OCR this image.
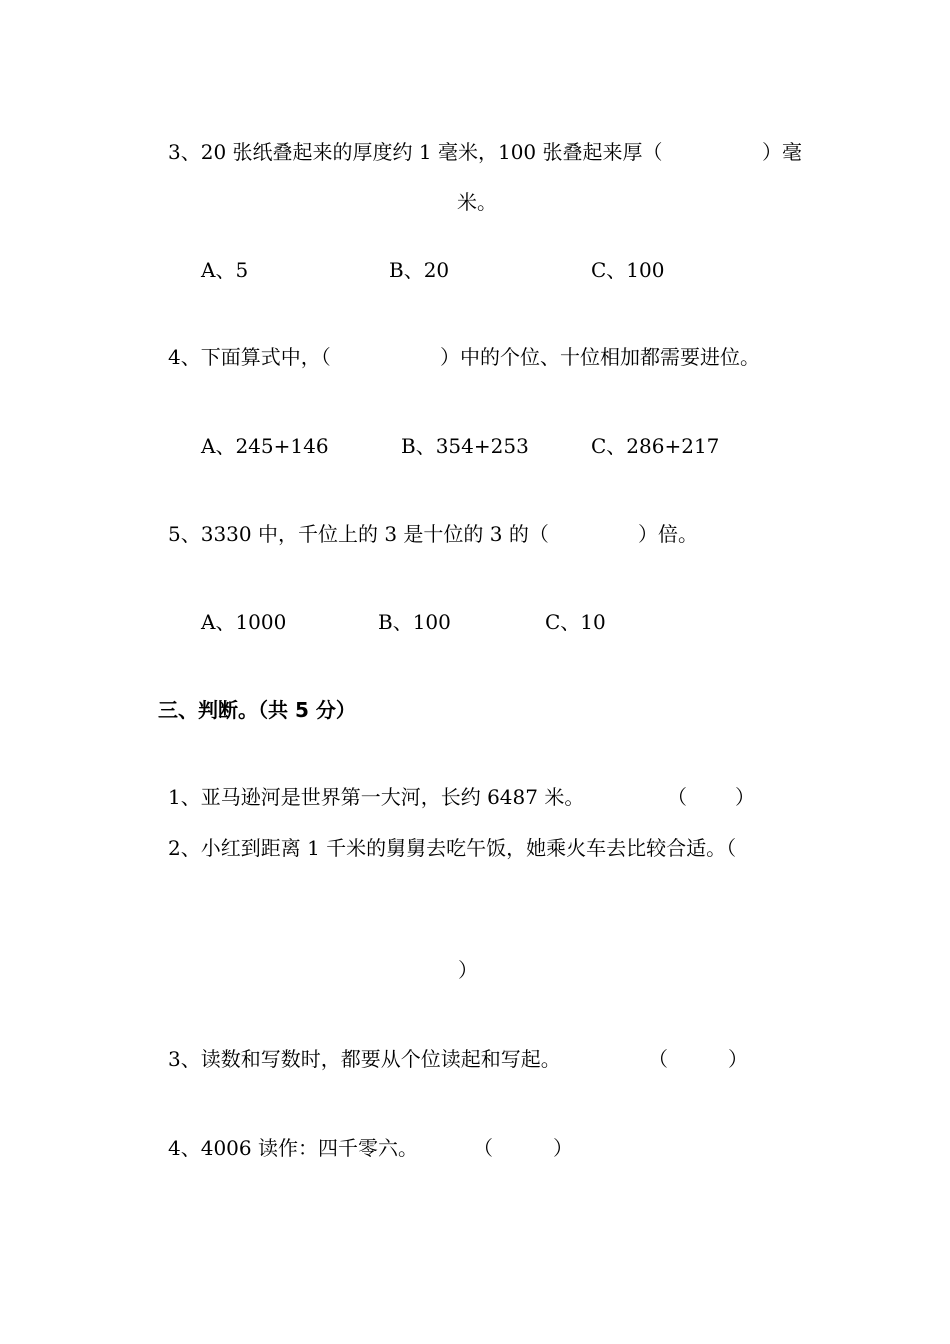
3、20 张纸叠起来的厚度约 1 毫米，100 张叠起来厚（	）毫
米。
A、5	B、20	C、100
4、下面算式中，（	）中的个位、十位相加都需要进位。
A、245+146	B、354+253	C、286+217
5、3330 中，千位上的 3 是十位的 3 的（	）倍。
A、1000	B、100	C、10
三、判断。（共 5 分）
1、亚马逊河是世界第一大河，长约 6487 米。	（ ）
2、小红到距离 1 千米的舅舅去吃午饭，她乘火车去比较合适。（
）
3、读数和写数时，都要从个位读起和写起。	（	）
4、4006 读作：四千零六。	（	）
